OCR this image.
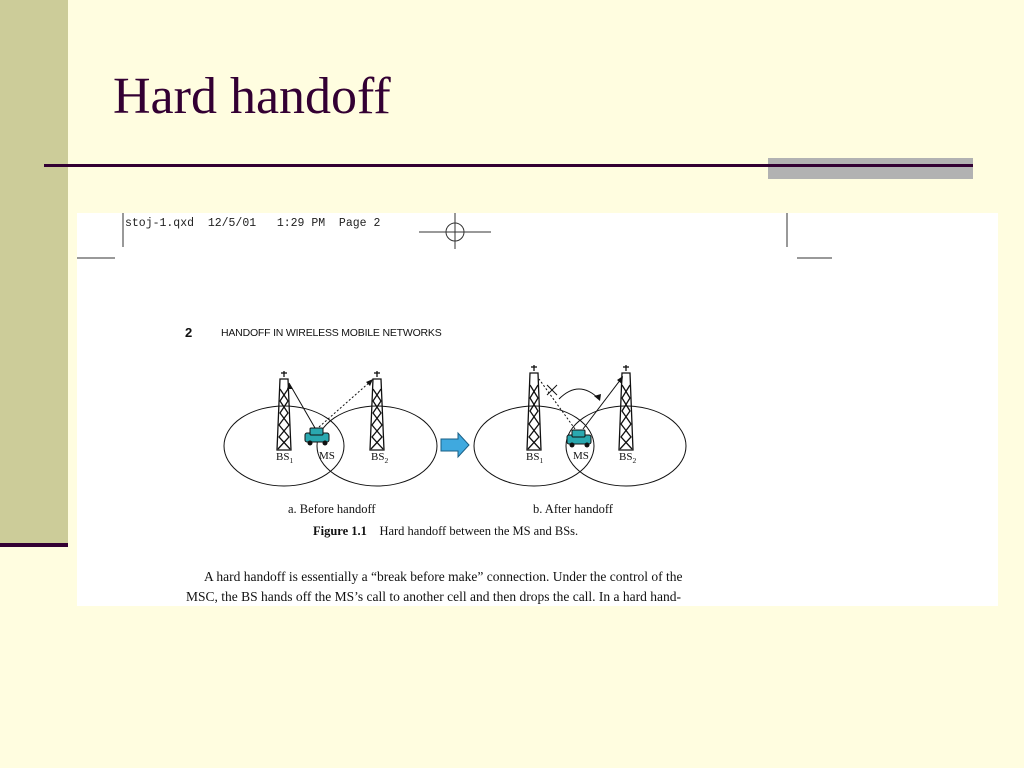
Hard handoff
$BS_1$ MS	$BS_2$	$BS_1$	MS	$BS_2$
stoj-1.qxd  12/5/01   1:29 PM  Page 2
2	HANDOFF IN WIRELESS MOBILE NETWORKS
a. Before handoff	b. After handoff
Figure 1.1 Hard handoff between the MS and BSs.
A hard handoff is essentially a “break before make” connection. Under the control of the
MSC, the BS hands off the MS’s call to another cell and then drops the call. In a hard hand-
